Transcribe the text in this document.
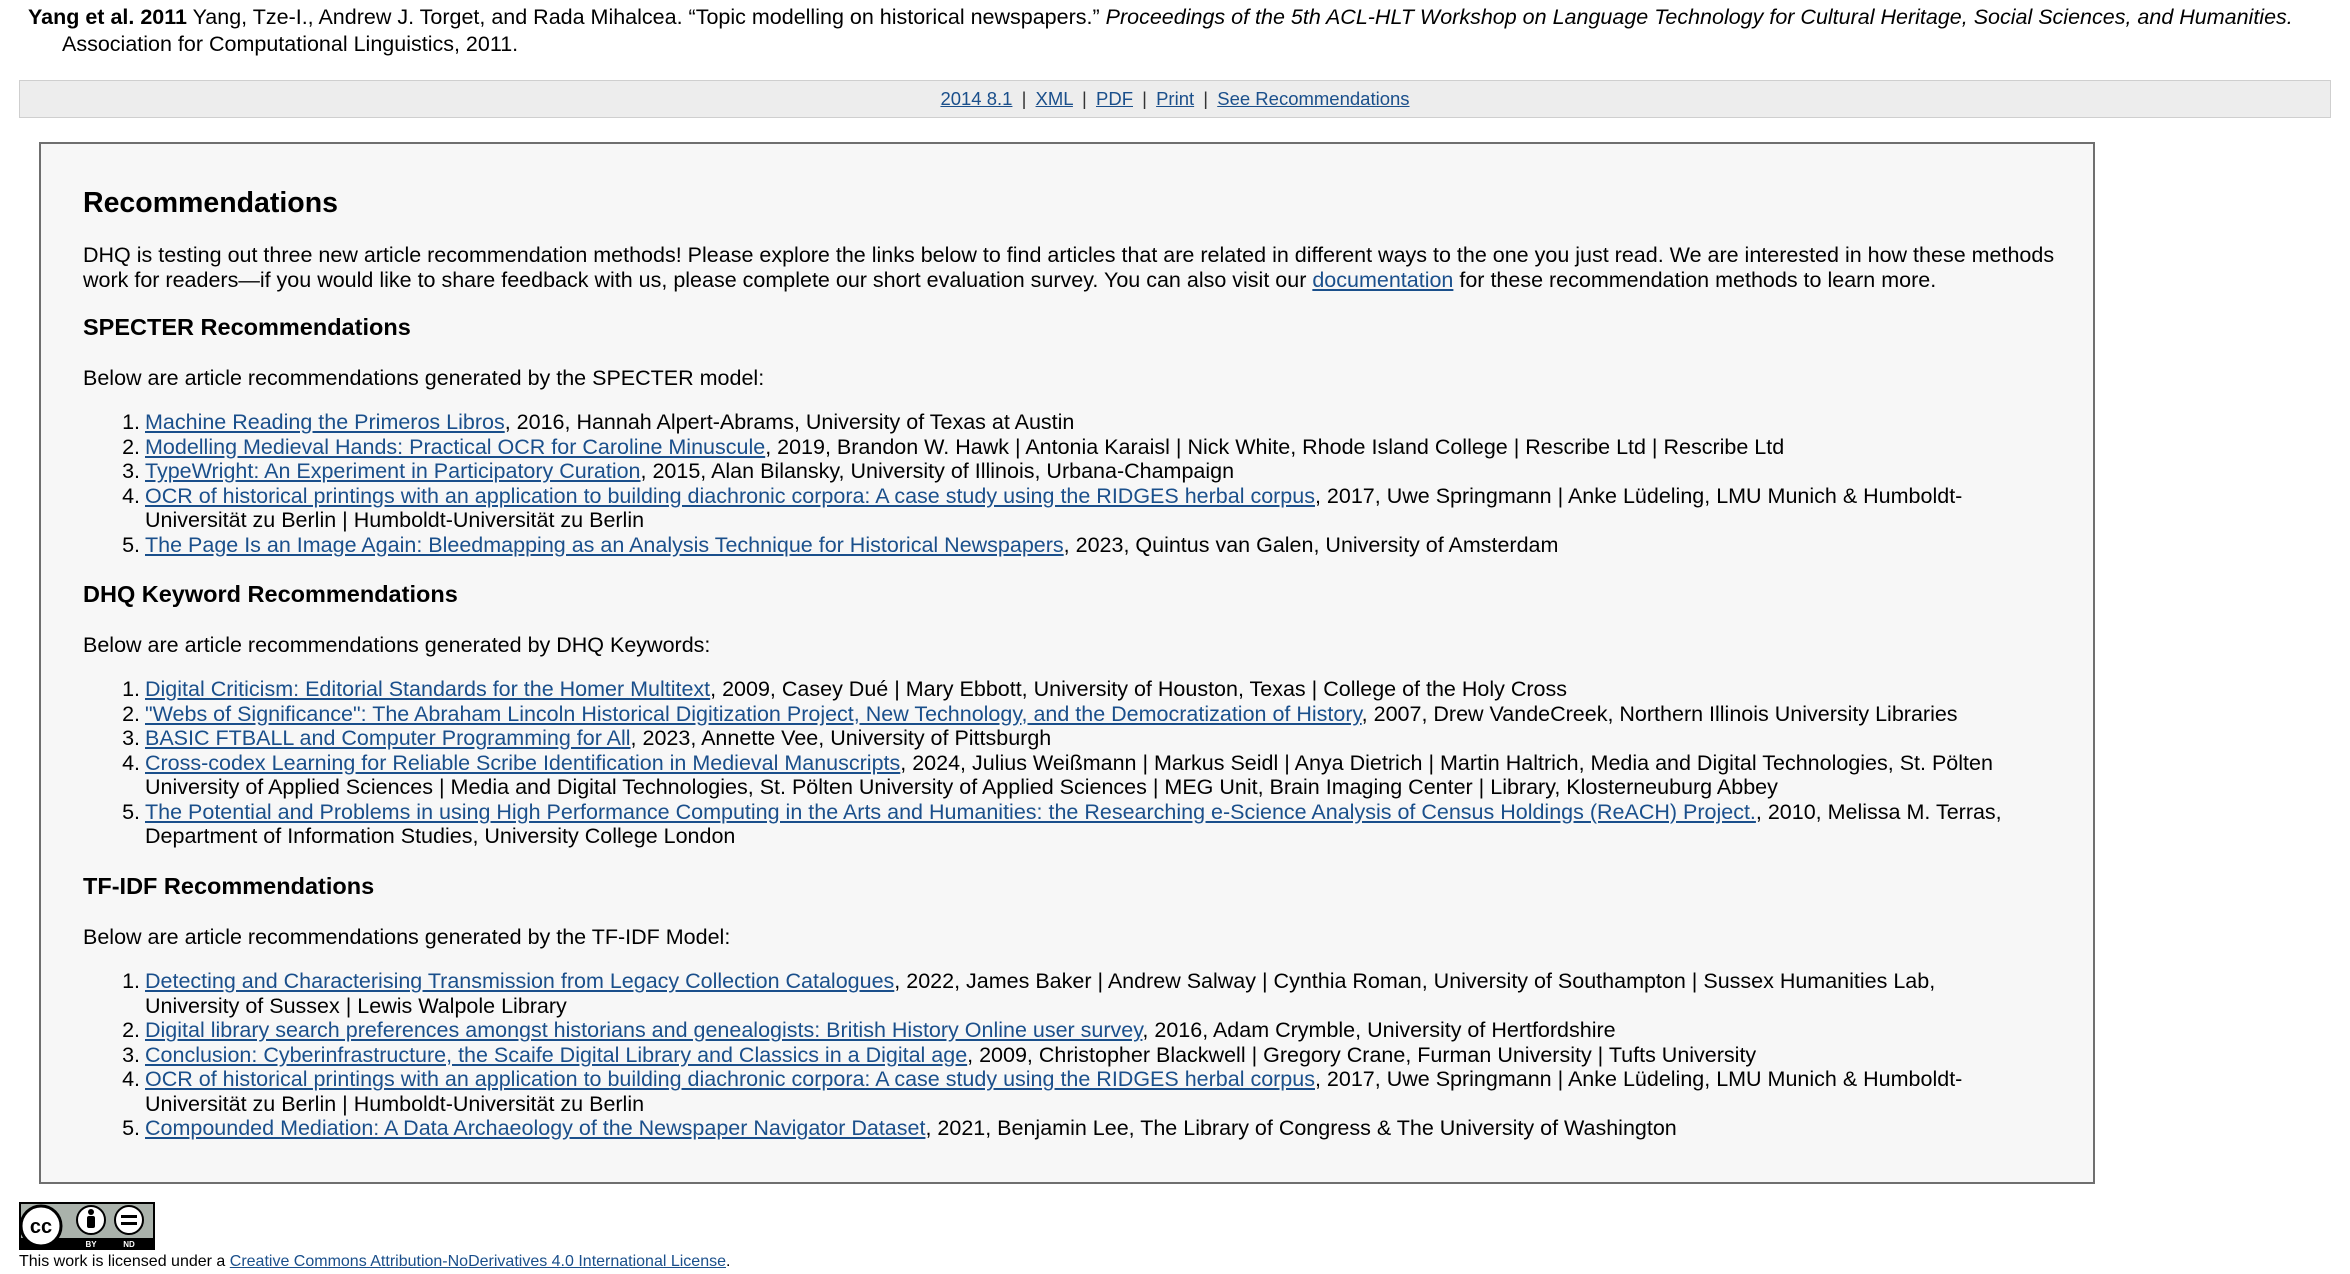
Yang et al. 2011 Yang, Tze-I., Andrew J. Torget, and Rada Mihalcea. “Topic modelling on historical newspapers.” Proceedings of the 5th ACL-HLT Workshop on Language Technology for Cultural Heritage, Social Sciences, and Humanities. Association for Computational Linguistics, 2011.
2014 8.1 | XML | PDF | Print | See Recommendations
Recommendations

DHQ is testing out three new article recommendation methods! Please explore the links below to find articles that are related in different ways to the one you just read. We are interested in how these methods work for readers—if you would like to share feedback with us, please complete our short evaluation survey. You can also visit our documentation for these recommendation methods to learn more.

SPECTER Recommendations

Below are article recommendations generated by the SPECTER model:

1. Machine Reading the Primeros Libros, 2016, Hannah Alpert-Abrams, University of Texas at Austin
2. Modelling Medieval Hands: Practical OCR for Caroline Minuscule, 2019, Brandon W. Hawk | Antonia Karaisl | Nick White, Rhode Island College | Rescribe Ltd | Rescribe Ltd
3. TypeWright: An Experiment in Participatory Curation, 2015, Alan Bilansky, University of Illinois, Urbana-Champaign
4. OCR of historical printings with an application to building diachronic corpora: A case study using the RIDGES herbal corpus, 2017, Uwe Springmann | Anke Lüdeling, LMU Munich & Humboldt-Universität zu Berlin | Humboldt-Universität zu Berlin
5. The Page Is an Image Again: Bleedmapping as an Analysis Technique for Historical Newspapers, 2023, Quintus van Galen, University of Amsterdam
DHQ Keyword Recommendations

Below are article recommendations generated by DHQ Keywords:

1. Digital Criticism: Editorial Standards for the Homer Multitext, 2009, Casey Dué | Mary Ebbott, University of Houston, Texas | College of the Holy Cross
2. "Webs of Significance": The Abraham Lincoln Historical Digitization Project, New Technology, and the Democratization of History, 2007, Drew VandeCreek, Northern Illinois University Libraries
3. BASIC FTBALL and Computer Programming for All, 2023, Annette Vee, University of Pittsburgh
4. Cross-codex Learning for Reliable Scribe Identification in Medieval Manuscripts, 2024, Julius Weißmann | Markus Seidl | Anya Dietrich | Martin Haltrich, Media and Digital Technologies, St. Pölten University of Applied Sciences | Media and Digital Technologies, St. Pölten University of Applied Sciences | MEG Unit, Brain Imaging Center | Library, Klosterneuburg Abbey
5. The Potential and Problems in using High Performance Computing in the Arts and Humanities: the Researching e-Science Analysis of Census Holdings (ReACH) Project., 2010, Melissa M. Terras, Department of Information Studies, University College London
TF-IDF Recommendations

Below are article recommendations generated by the TF-IDF Model:

1. Detecting and Characterising Transmission from Legacy Collection Catalogues, 2022, James Baker | Andrew Salway | Cynthia Roman, University of Southampton | Sussex Humanities Lab, University of Sussex | Lewis Walpole Library
2. Digital library search preferences amongst historians and genealogists: British History Online user survey, 2016, Adam Crymble, University of Hertfordshire
3. Conclusion: Cyberinfrastructure, the Scaife Digital Library and Classics in a Digital age, 2009, Christopher Blackwell | Gregory Crane, Furman University | Tufts University
4. OCR of historical printings with an application to building diachronic corpora: A case study using the RIDGES herbal corpus, 2017, Uwe Springmann | Anke Lüdeling, LMU Munich & Humboldt-Universität zu Berlin | Humboldt-Universität zu Berlin
5. Compounded Mediation: A Data Archaeology of the Newspaper Navigator Dataset, 2021, Benjamin Lee, The Library of Congress & The University of Washington
cc
BY	ND
This work is licensed under a Creative Commons Attribution-NoDerivatives 4.0 International License.
